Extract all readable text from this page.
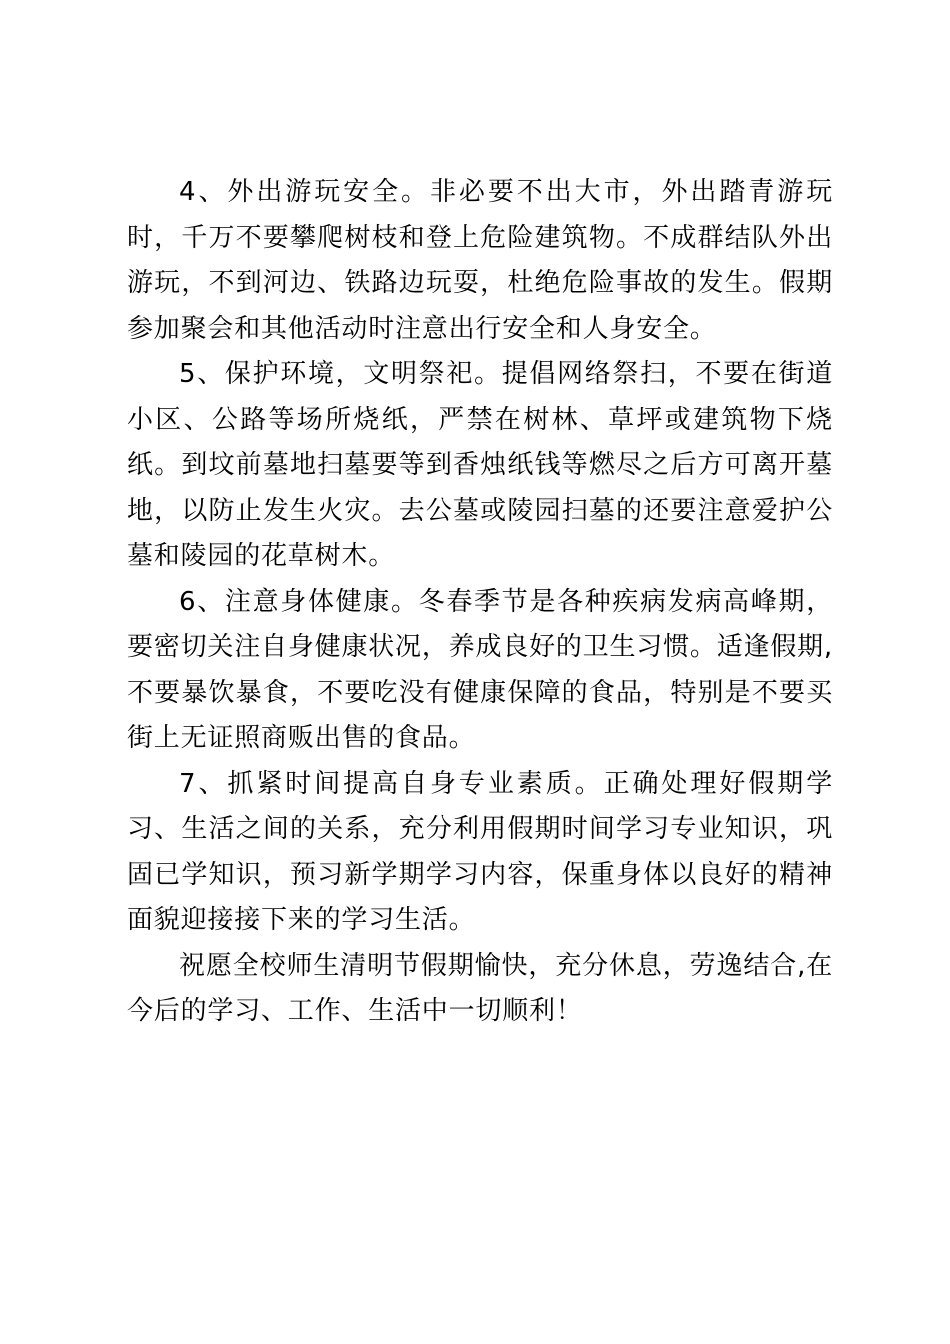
4、外出游玩安全。非必要不出大市，外出踏青游玩时，千万不要攀爬树枝和登上危险建筑物。不成群结队外出游玩，不到河边、铁路边玩耍，杜绝危险事故的发生。假期参加聚会和其他活动时注意出行安全和人身安全。

5、保护环境，文明祭祀。提倡网络祭扫，不要在街道小区、公路等场所烧纸，严禁在树林、草坪或建筑物下烧纸。到坟前墓地扫墓要等到香烛纸钱等燃尽之后方可离开墓地，以防止发生火灾。去公墓或陵园扫墓的还要注意爱护公墓和陵园的花草树木。

6、注意身体健康。冬春季节是各种疾病发病高峰期，要密切关注自身健康状况，养成良好的卫生习惯。适逢假期,不要暴饮暴食，不要吃没有健康保障的食品，特别是不要买街上无证照商贩出售的食品。

7、抓紧时间提高自身专业素质。正确处理好假期学习、生活之间的关系，充分利用假期时间学习专业知识，巩固已学知识，预习新学期学习内容，保重身体以良好的精神面貌迎接接下来的学习生活。

祝愿全校师生清明节假期愉快，充分休息，劳逸结合,在今后的学习、工作、生活中一切顺利！
